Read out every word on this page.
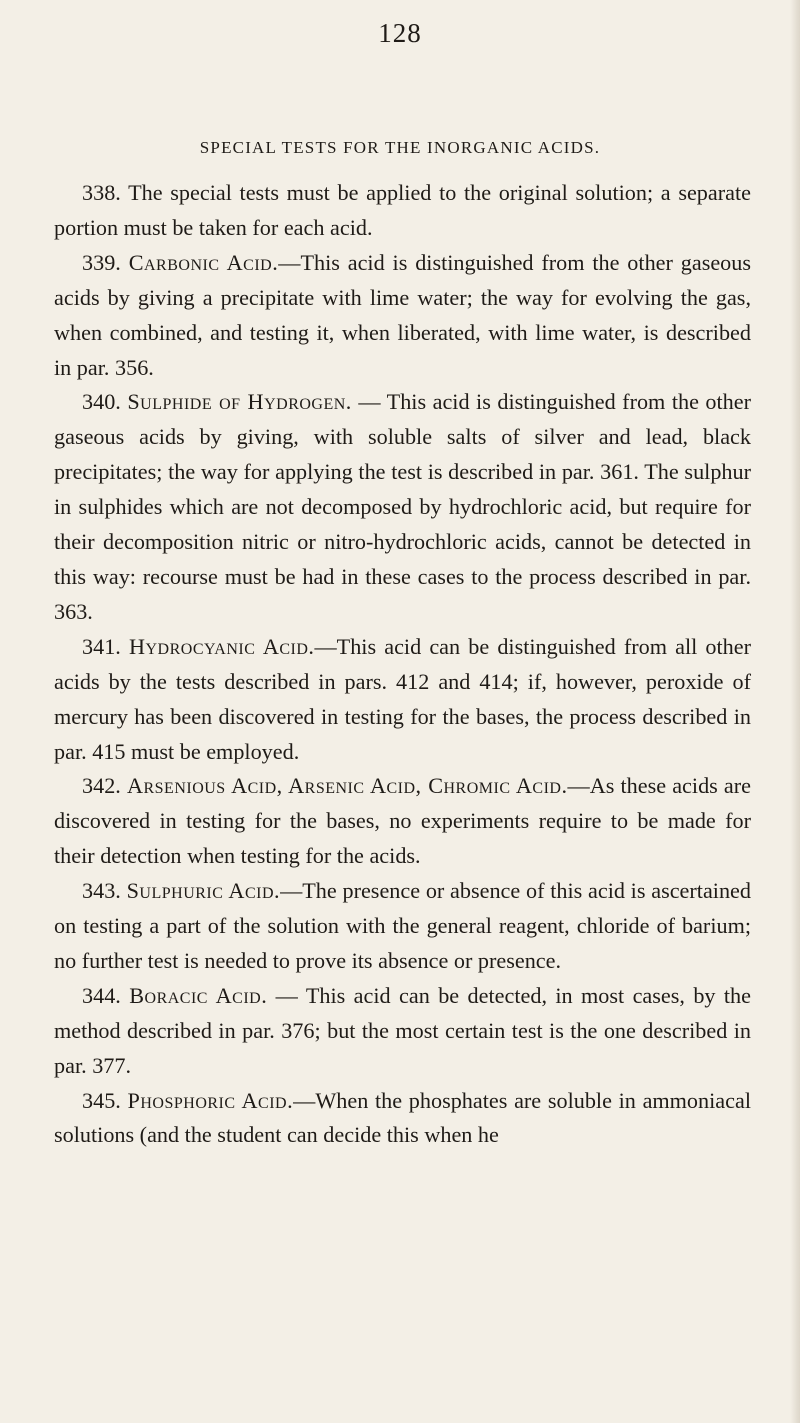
128
SPECIAL TESTS FOR THE INORGANIC ACIDS.

338. The special tests must be applied to the original solution; a separate portion must be taken for each acid.

339. Carbonic Acid.—This acid is distinguished from the other gaseous acids by giving a precipitate with lime water; the way for evolving the gas, when combined, and testing it, when liberated, with lime water, is described in par. 356.

340. Sulphide of Hydrogen. — This acid is distinguished from the other gaseous acids by giving, with soluble salts of silver and lead, black precipitates; the way for applying the test is described in par. 361. The sulphur in sulphides which are not decomposed by hydrochloric acid, but require for their decomposition nitric or nitro-hydrochloric acids, cannot be detected in this way: recourse must be had in these cases to the process described in par. 363.

341. Hydrocyanic Acid.—This acid can be distinguished from all other acids by the tests described in pars. 412 and 414; if, however, peroxide of mercury has been discovered in testing for the bases, the process described in par. 415 must be employed.

342. Arsenious Acid, Arsenic Acid, Chromic Acid.—As these acids are discovered in testing for the bases, no experiments require to be made for their detection when testing for the acids.

343. Sulphuric Acid.—The presence or absence of this acid is ascertained on testing a part of the solution with the general reagent, chloride of barium; no further test is needed to prove its absence or presence.

344. Boracic Acid. — This acid can be detected, in most cases, by the method described in par. 376; but the most certain test is the one described in par. 377.

345. Phosphoric Acid.—When the phosphates are soluble in ammoniacal solutions (and the student can decide this when he
